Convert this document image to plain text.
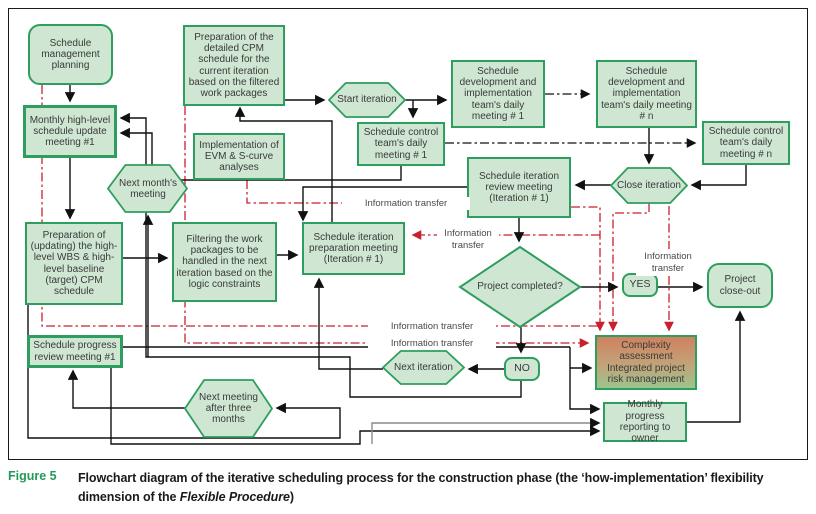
Schedule management planning
Monthly high-level schedule update meeting #1
Preparation of the detailed CPM schedule for the current iteration based on the filtered work packages
Implementation of EVM & S-curve analyses
Schedule control team's daily meeting # 1
Schedule development and implementation team's daily meeting # 1
Schedule development and implementation team's daily meeting # n
Schedule control team's daily meeting # n
Schedule iteration review meeting (Iteration # 1)
Preparation of (updating) the high-level WBS & high-level baseline (target) CPM schedule
Filtering the work packages to be handled in the next iteration based on the logic constraints
Schedule iteration preparation meeting (Iteration # 1)
YES	Project close-out
Schedule progress review meeting #1
NO
Complexity assessment Integrated project risk management
Monthly progress reporting to owner
Start iteration
Close iteration
Next month's meeting
Next iteration
Next meeting after three months
Project completed?
Information transfer
Information
transfer
Information
transfer
Information transfer
Information transfer
Figure 5	Flowchart diagram of the iterative scheduling process for the construction phase (the ‘how-implementation’ flexibility dimension of the Flexible Procedure)
